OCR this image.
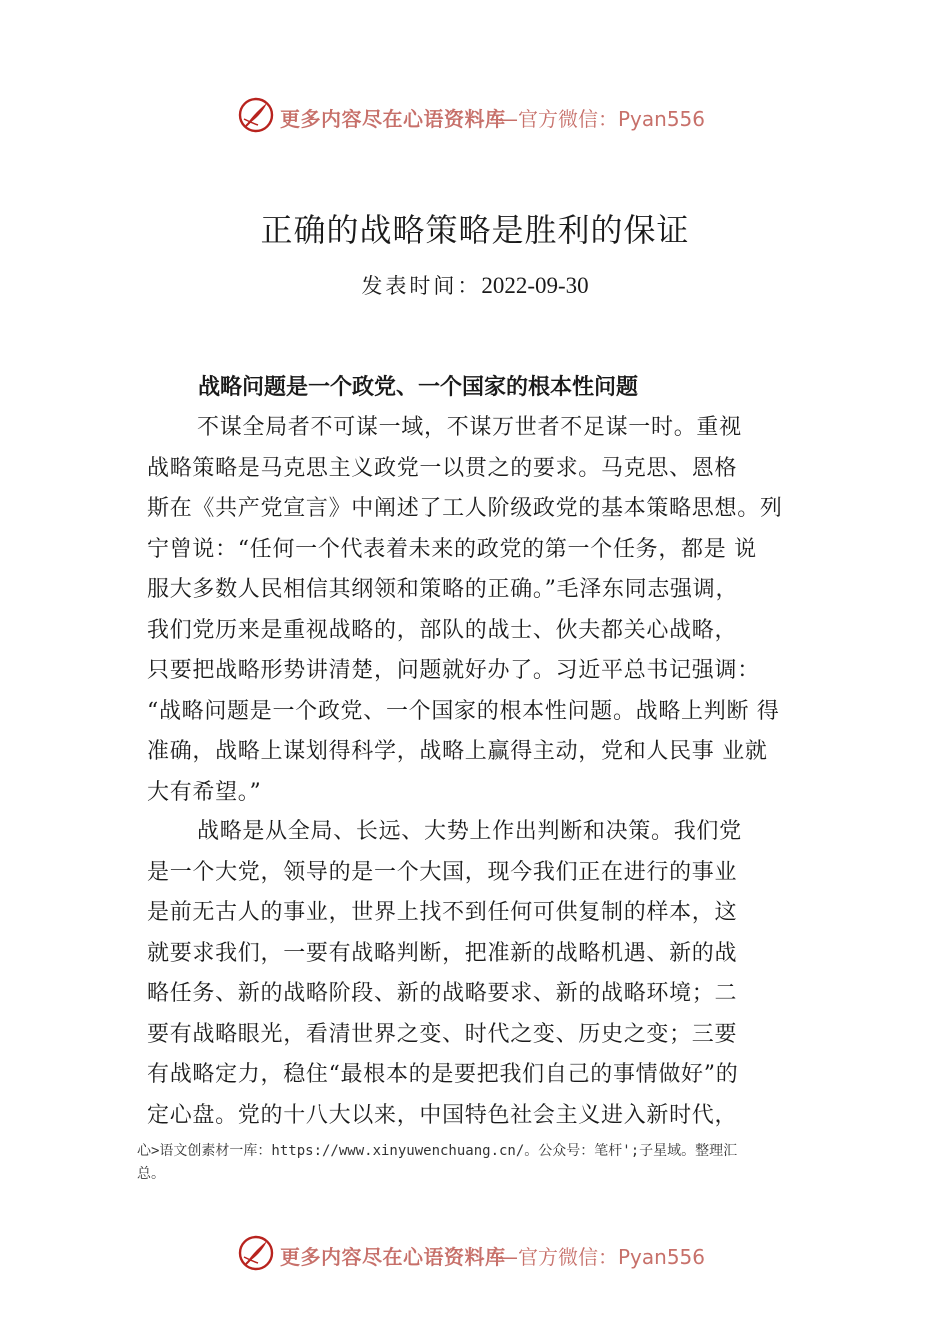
更多内容尽在心语资料库
—官方微信：Pyan556
正确的战略策略是胜利的保证
发表时间：2022-09-30
战略问题是一个政党、一个国家的根本性问题
不谋全局者不可谋一域，不谋万世者不足谋一时。重视
战略策略是马克思主义政党一以贯之的要求。马克思、恩格
斯在《共产党宣言》中阐述了工人阶级政党的基本策略思想。列
宁曾说：“任何一个代表着未来的政党的第一个任务，都是 说
服大多数人民相信其纲领和策略的正确。”毛泽东同志强调，
我们党历来是重视战略的，部队的战士、伙夫都关心战略，
只要把战略形势讲清楚，问题就好办了。习近平总书记强调：
“战略问题是一个政党、一个国家的根本性问题。战略上判断 得
准确，战略上谋划得科学，战略上赢得主动，党和人民事 业就
大有希望。”
战略是从全局、长远、大势上作出判断和决策。我们党
是一个大党，领导的是一个大国，现今我们正在进行的事业
是前无古人的事业，世界上找不到任何可供复制的样本，这
就要求我们，一要有战略判断，把准新的战略机遇、新的战
略任务、新的战略阶段、新的战略要求、新的战略环境；二
要有战略眼光，看清世界之变、时代之变、历史之变；三要
有战略定力，稳住“最根本的是要把我们自己的事情做好”的
定心盘。党的十八大以来，中国特色社会主义进入新时代，
心>语文创素材一库：https://www.xinyuwenchuang.cn/。公众号：笔杆';子星域。整理汇
总。
更多内容尽在心语资料库
—官方微信：Pyan556
